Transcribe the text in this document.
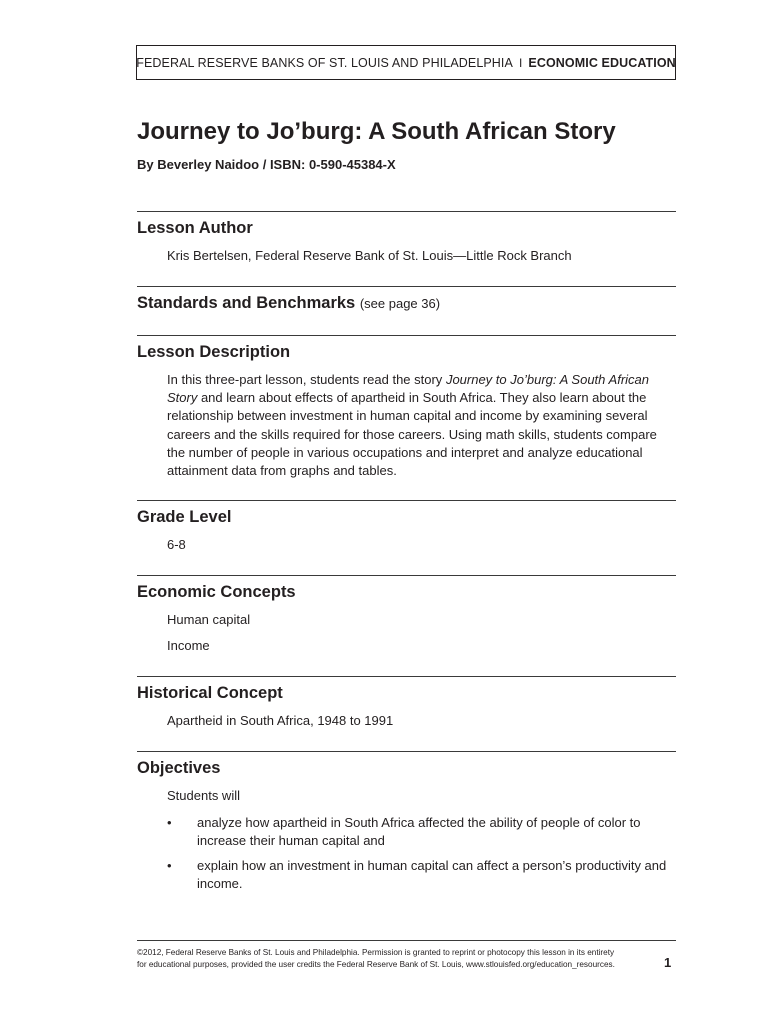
FEDERAL RESERVE BANKS OF ST. LOUIS AND PHILADELPHIA I ECONOMIC EDUCATION
Journey to Jo’burg: A South African Story

By Beverley Naidoo / ISBN: 0-590-45384-X

Lesson Author

Kris Bertelsen, Federal Reserve Bank of St. Louis—Little Rock Branch

Standards and Benchmarks (see page 36)
Lesson Description

In this three-part lesson, students read the story Journey to Jo’burg: A South African Story and learn about effects of apartheid in South Africa. They also learn about the relationship between investment in human capital and income by examining several careers and the skills required for those careers. Using math skills, students compare the number of people in various occupations and interpret and analyze educational attainment data from graphs and tables.

Grade Level

6-8

Economic Concepts

Human capital

Income

Historical Concept

Apartheid in South Africa, 1948 to 1991

Objectives

Students will

• analyze how apartheid in South Africa affected the ability of people of color to increase their human capital and

• explain how an investment in human capital can affect a person’s productivity and income.

©2012, Federal Reserve Banks of St. Louis and Philadelphia. Permission is granted to reprint or photocopy this lesson in its entirety
for educational purposes, provided the user credits the Federal Reserve Bank of St. Louis, www.stlouisfed.org/education_resources.	1
